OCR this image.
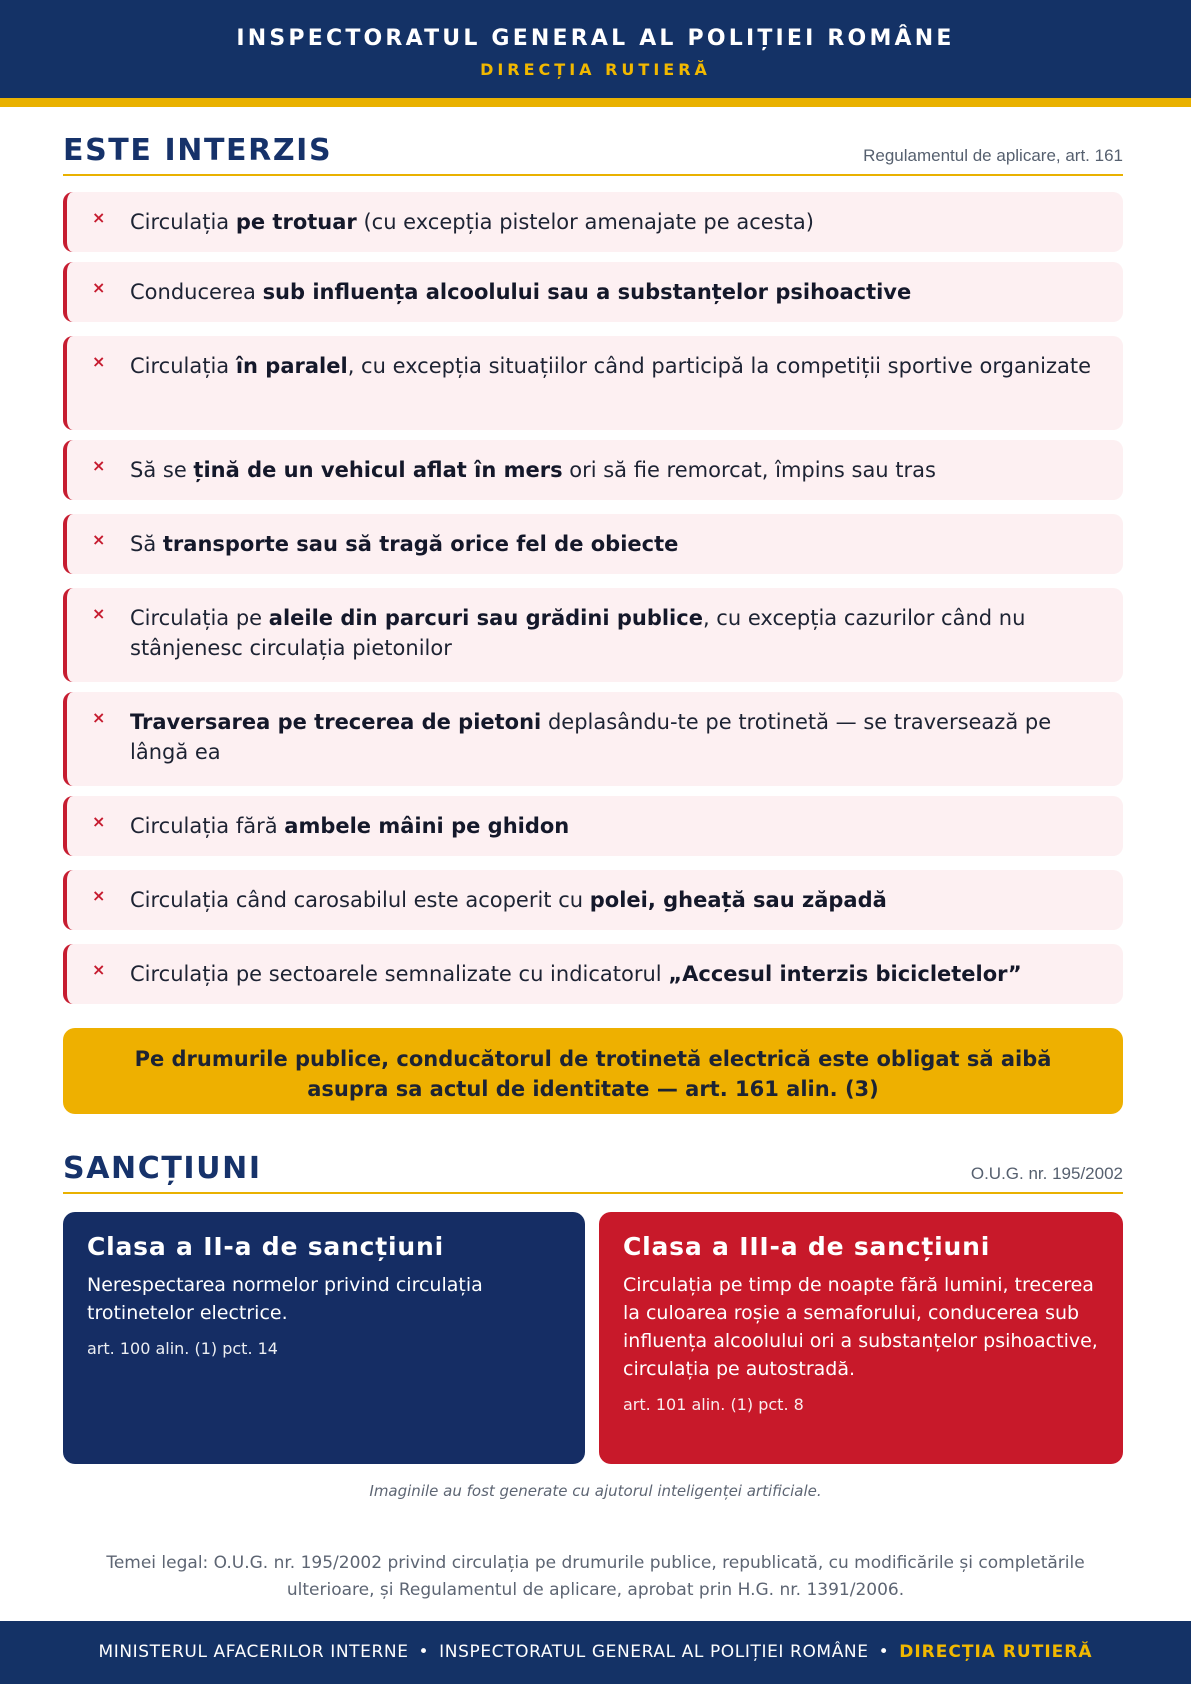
INSPECTORATUL GENERAL AL POLIȚIEI ROMÂNE
DIRECȚIA RUTIERĂ
ESTE INTERZIS	Regulamentul de aplicare, art. 161
× Circulația pe trotuar (cu excepția pistelor amenajate pe acesta)
× Conducerea sub influența alcoolului sau a substanțelor psihoactive
× Circulația în paralel, cu excepția situațiilor când participă la competiții sportive organizate
× Să se țină de un vehicul aflat în mers ori să fie remorcat, împins sau tras
× Să transporte sau să tragă orice fel de obiecte
× Circulația pe aleile din parcuri sau grădini publice, cu excepția cazurilor când nu stânjenesc circulația pietonilor
× Traversarea pe trecerea de pietoni deplasându-te pe trotinetă — se traversează pe lângă ea
× Circulația fără ambele mâini pe ghidon
× Circulația când carosabilul este acoperit cu polei, gheață sau zăpadă
× Circulația pe sectoarele semnalizate cu indicatorul „Accesul interzis bicicletelor”
Pe drumurile publice, conducătorul de trotinetă electrică este obligat să aibă
asupra sa actul de identitate — art. 161 alin. (3)
SANCȚIUNI	O.U.G. nr. 195/2002
Clasa a II-a de sancțiuni
Nerespectarea normelor privind circulația trotinetelor electrice.
art. 100 alin. (1) pct. 14
Clasa a III-a de sancțiuni
Circulația pe timp de noapte fără lumini, trecerea la culoarea roșie a semaforului, conducerea sub influența alcoolului ori a substanțelor psihoactive, circulația pe autostradă.
art. 101 alin. (1) pct. 8
Imaginile au fost generate cu ajutorul inteligenței artificiale.
Temei legal: O.U.G. nr. 195/2002 privind circulația pe drumurile publice, republicată, cu modificările și completările
ulterioare, și Regulamentul de aplicare, aprobat prin H.G. nr. 1391/2006.
MINISTERUL AFACERILOR INTERNE • INSPECTORATUL GENERAL AL POLIȚIEI ROMÂNE • DIRECȚIA RUTIERĂ
